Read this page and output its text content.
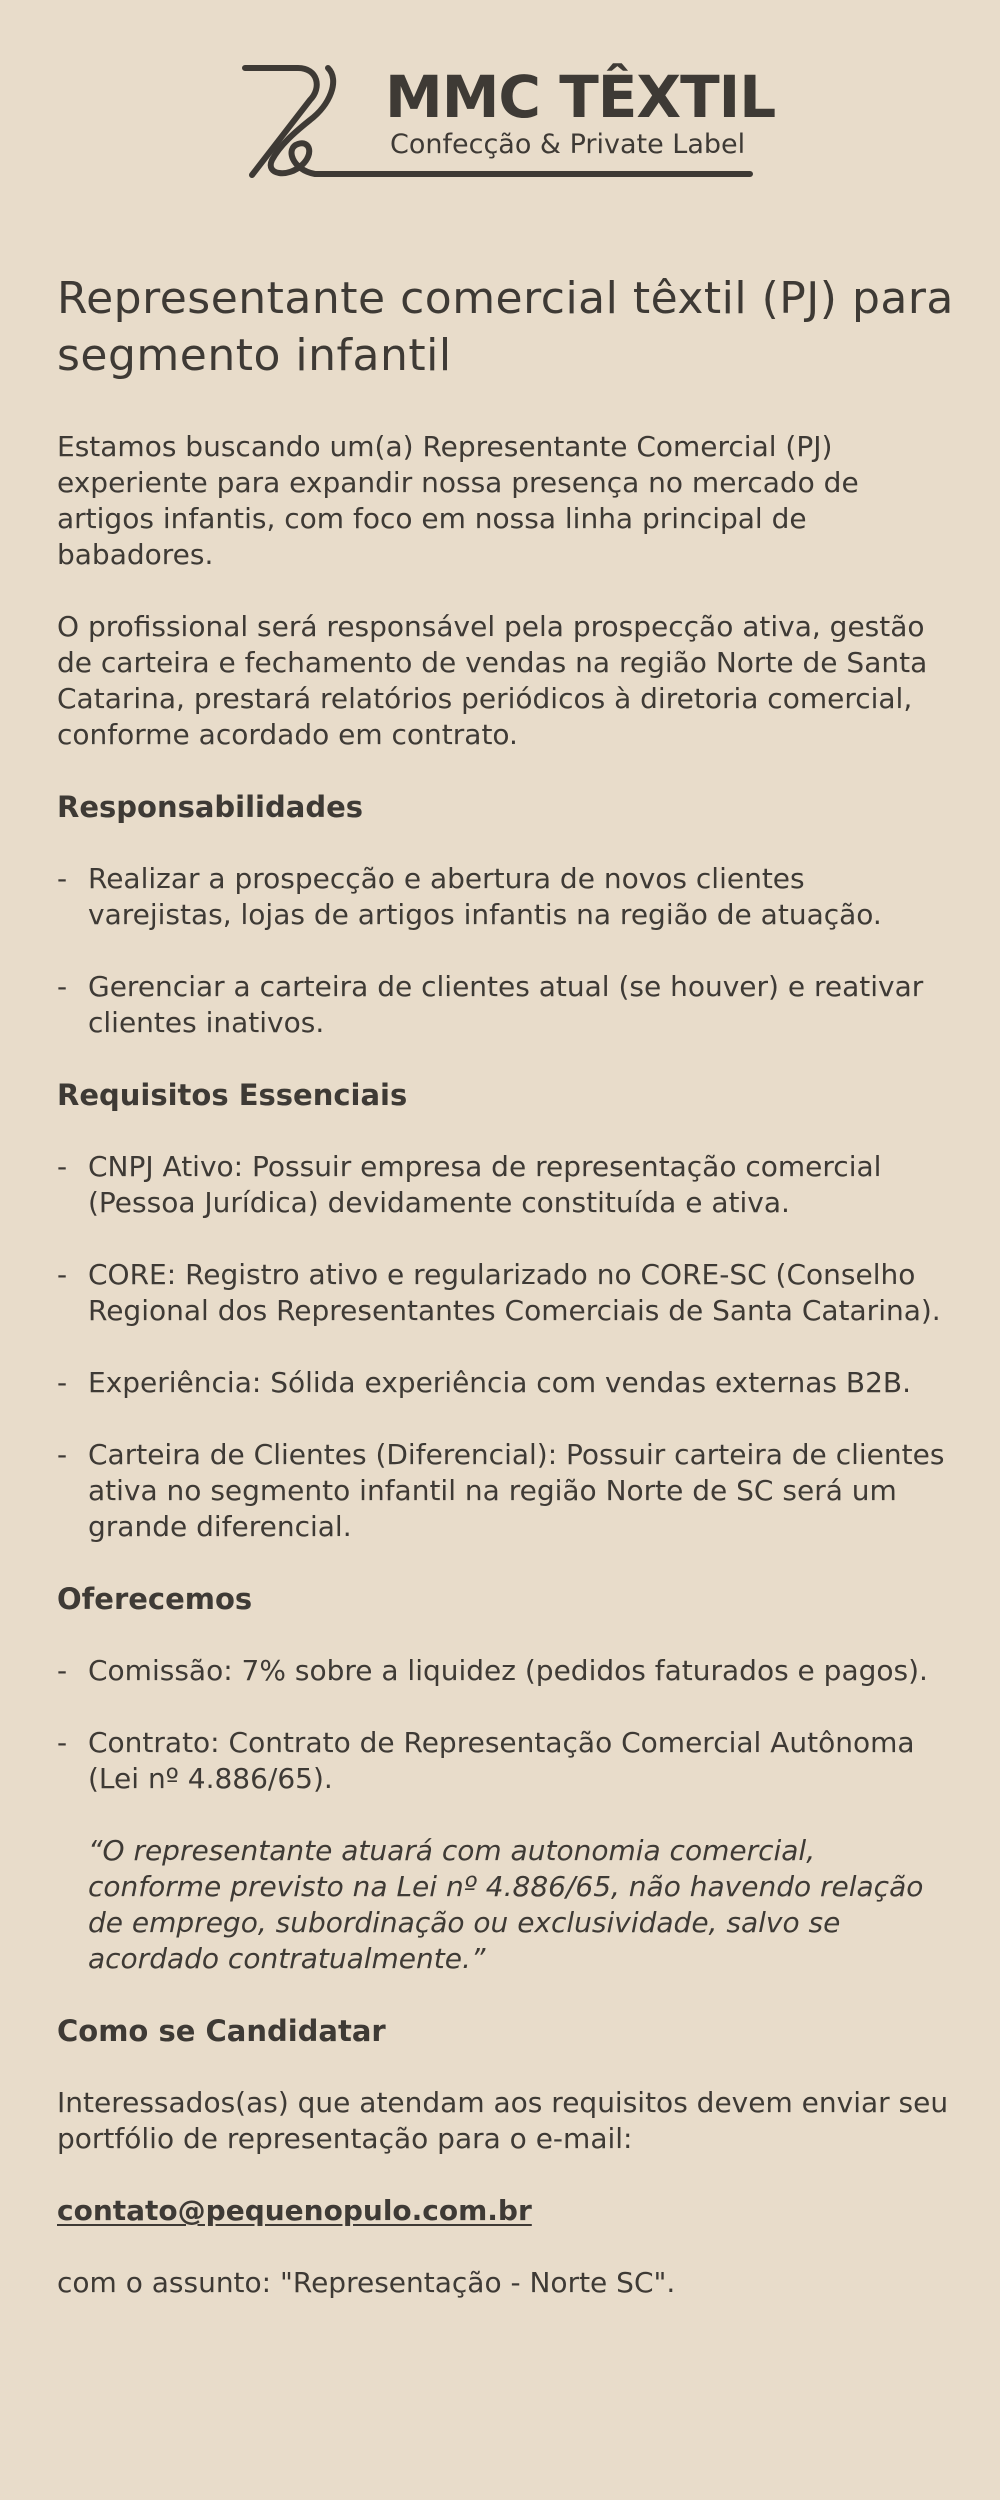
MMC TÊXTIL
Confecção & Private Label
Representante comercial têxtil (PJ) para segmento infantil

Estamos buscando um(a) Representante Comercial (PJ) experiente para expandir nossa presença no mercado de artigos infantis, com foco em nossa linha principal de babadores.

O profissional será responsável pela prospecção ativa, gestão de carteira e fechamento de vendas na região Norte de Santa Catarina, prestará relatórios periódicos à diretoria comercial, conforme acordado em contrato.

Responsabilidades
- Realizar a prospecção e abertura de novos clientes varejistas, lojas de artigos infantis na região de atuação.
- Gerenciar a carteira de clientes atual (se houver) e reativar clientes inativos.
Requisitos Essenciais
- CNPJ Ativo: Possuir empresa de representação comercial (Pessoa Jurídica) devidamente constituída e ativa.
- CORE: Registro ativo e regularizado no CORE-SC (Conselho Regional dos Representantes Comerciais de Santa Catarina).
- Experiência: Sólida experiência com vendas externas B2B.
- Carteira de Clientes (Diferencial): Possuir carteira de clientes ativa no segmento infantil na região Norte de SC será um grande diferencial.
Oferecemos
- Comissão: 7% sobre a liquidez (pedidos faturados e pagos).
- Contrato: Contrato de Representação Comercial Autônoma (Lei nº 4.886/65).

“O representante atuará com autonomia comercial, conforme previsto na Lei nº 4.886/65, não havendo relação de emprego, subordinação ou exclusividade, salvo se acordado contratualmente.”

Como se Candidatar

Interessados(as) que atendam aos requisitos devem enviar seu portfólio de representação para o e-mail:

contato@pequenopulo.com.br

com o assunto: "Representação - Norte SC".
